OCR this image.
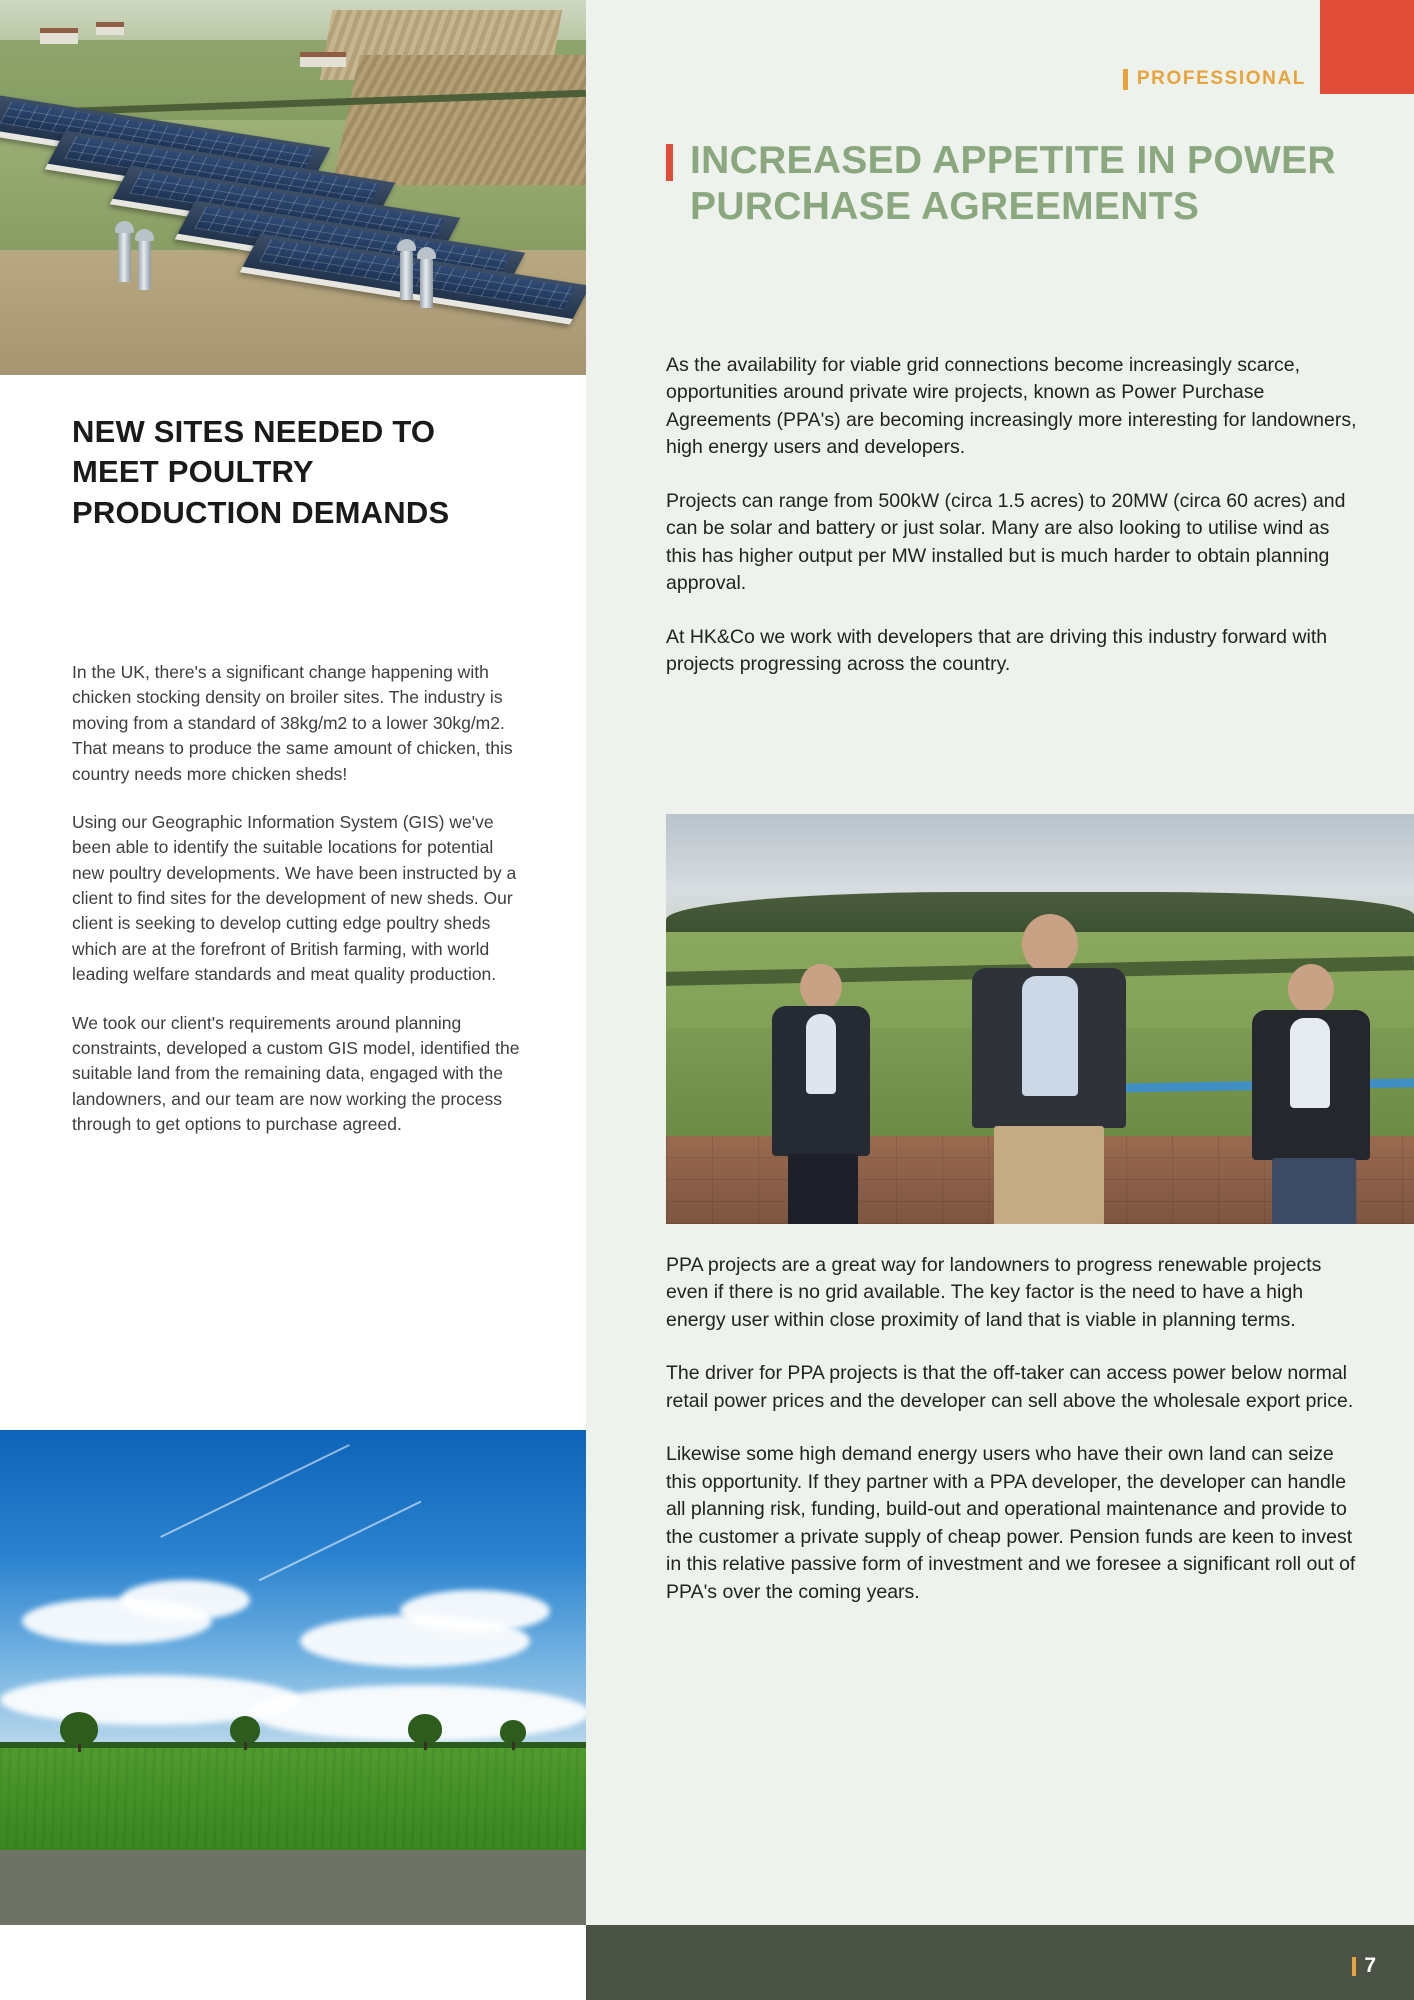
NEW SITES NEEDED TO MEET POULTRY PRODUCTION DEMANDS

In the UK, there's a significant change happening with chicken stocking density on broiler sites. The industry is moving from a standard of 38kg/m2 to a lower 30kg/m2. That means to produce the same amount of chicken, this country needs more chicken sheds!

Using our Geographic Information System (GIS) we've been able to identify the suitable locations for potential new poultry developments. We have been instructed by a client to find sites for the development of new sheds. Our client is seeking to develop cutting edge poultry sheds which are at the forefront of British farming, with world leading welfare standards and meat quality production.

We took our client's requirements around planning constraints, developed a custom GIS model, identified the suitable land from the remaining data, engaged with the landowners, and our team are now working the process through to get options to purchase agreed.

PROFESSIONAL
INCREASED APPETITE IN POWER PURCHASE AGREEMENTS

As the availability for viable grid connections become increasingly scarce, opportunities around private wire projects, known as Power Purchase Agreements (PPA's) are becoming increasingly more interesting for landowners, high energy users and developers.

Projects can range from 500kW (circa 1.5 acres) to 20MW (circa 60 acres) and can be solar and battery or just solar. Many are also looking to utilise wind as this has higher output per MW installed but is much harder to obtain planning approval.

At HK&Co we work with developers that are driving this industry forward with projects progressing across the country.

PPA projects are a great way for landowners to progress renewable projects even if there is no grid available. The key factor is the need to have a high energy user within close proximity of land that is viable in planning terms.

The driver for PPA projects is that the off-taker can access power below normal retail power prices and the developer can sell above the wholesale export price.

Likewise some high demand energy users who have their own land can seize this opportunity. If they partner with a PPA developer, the developer can handle all planning risk, funding, build-out and operational maintenance and provide to the customer a private supply of cheap power. Pension funds are keen to invest in this relative passive form of investment and we foresee a significant roll out of PPA's over the coming years.

7
